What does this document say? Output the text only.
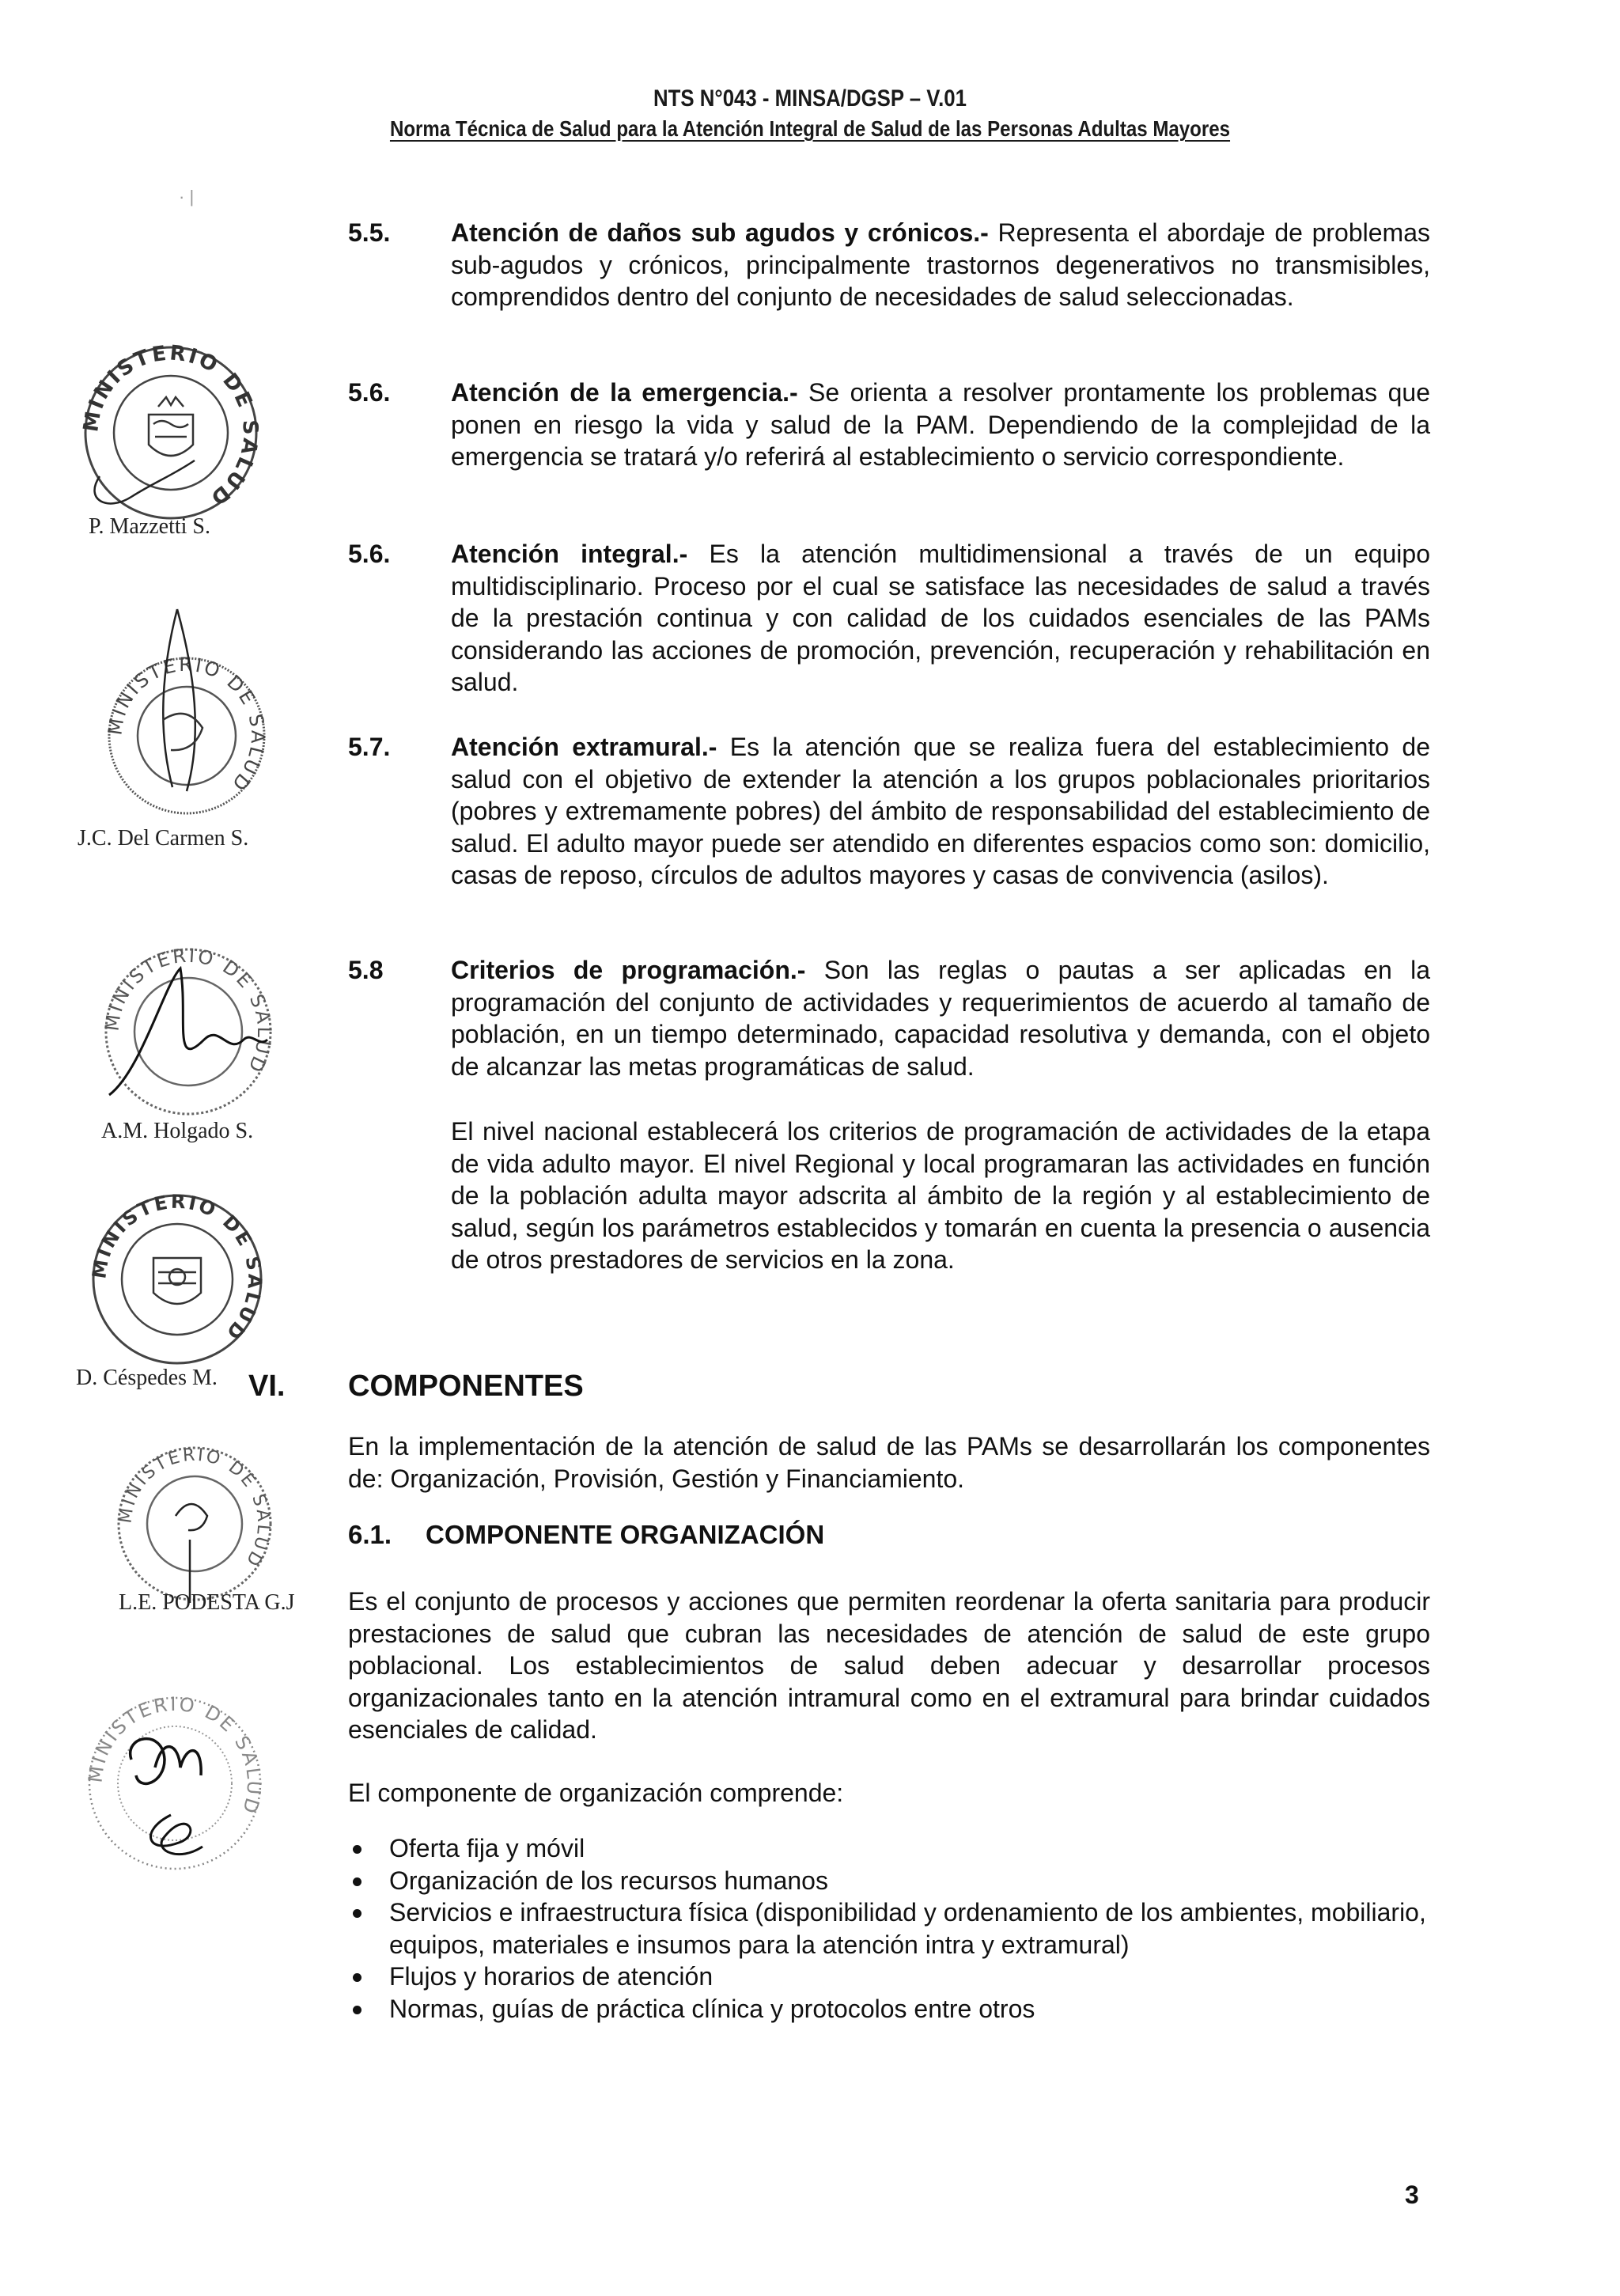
NTS N°043 - MINSA/DGSP – V.01
Norma Técnica de Salud para la Atención Integral de Salud de las Personas Adultas Mayores
· |
5.5. Atención de daños sub agudos y crónicos.- Representa el abordaje de problemas sub-agudos y crónicos, principalmente trastornos degenerativos no transmisibles, comprendidos dentro del conjunto de necesidades de salud seleccionadas.
5.6. Atención de la emergencia.- Se orienta a resolver prontamente los problemas que ponen en riesgo la vida y salud de la PAM. Dependiendo de la complejidad de la emergencia se tratará y/o referirá al establecimiento o servicio correspondiente.
5.6. Atención integral.- Es la atención multidimensional a través de un equipo multidisciplinario. Proceso por el cual se satisface las necesidades de salud a través de la prestación continua y con calidad de los cuidados esenciales de las PAMs considerando las acciones de promoción, prevención, recuperación y rehabilitación en salud.
5.7. Atención extramural.- Es la atención que se realiza fuera del establecimiento de salud con el objetivo de extender la atención a los grupos poblacionales prioritarios (pobres y extremamente pobres) del ámbito de responsabilidad del establecimiento de salud. El adulto mayor puede ser atendido en diferentes espacios como son: domicilio, casas de reposo, círculos de adultos mayores y casas de convivencia (asilos).
5.8	Criterios de programación.- Son las reglas o pautas a ser aplicadas en la programación del conjunto de actividades y requerimientos de acuerdo al tamaño de población, en un tiempo determinado, capacidad resolutiva y demanda, con el objeto de alcanzar las metas programáticas de salud.
El nivel nacional establecerá los criterios de programación de actividades de la etapa de vida adulto mayor. El nivel Regional y local programaran las actividades en función de la población adulta mayor adscrita al ámbito de la región y al establecimiento de salud, según los parámetros establecidos y tomarán en cuenta la presencia o ausencia de otros prestadores de servicios en la zona.
VI. COMPONENTES
En la implementación de la atención de salud de las PAMs se desarrollarán los componentes de: Organización, Provisión, Gestión y Financiamiento.
6.1. COMPONENTE ORGANIZACIÓN
Es el conjunto de procesos y acciones que permiten reordenar la oferta sanitaria para producir prestaciones de salud que cubran las necesidades de atención de salud de este grupo poblacional. Los establecimientos de salud deben adecuar y desarrollar procesos organizacionales tanto en la atención intramural como en el extramural para brindar cuidados esenciales de calidad.
El componente de organización comprende:
Oferta fija y móvil
Organización de los recursos humanos
Servicios e infraestructura física (disponibilidad y ordenamiento de los ambientes, mobiliario, equipos, materiales e insumos para la atención intra y extramural)
Flujos y horarios de atención
Normas, guías de práctica clínica y protocolos entre otros
3
MINISTERIO DE SALUD
P. Mazzetti S.
MINISTERIO DE SALUD
J.C. Del Carmen S.
MINISTERIO DE SALUD
A.M. Holgado S.
MINISTERIO DE SALUD
D. Céspedes M.
MINISTERIO DE SALUD
L.E. PODESTA G.J
MINISTERIO DE SALUD
